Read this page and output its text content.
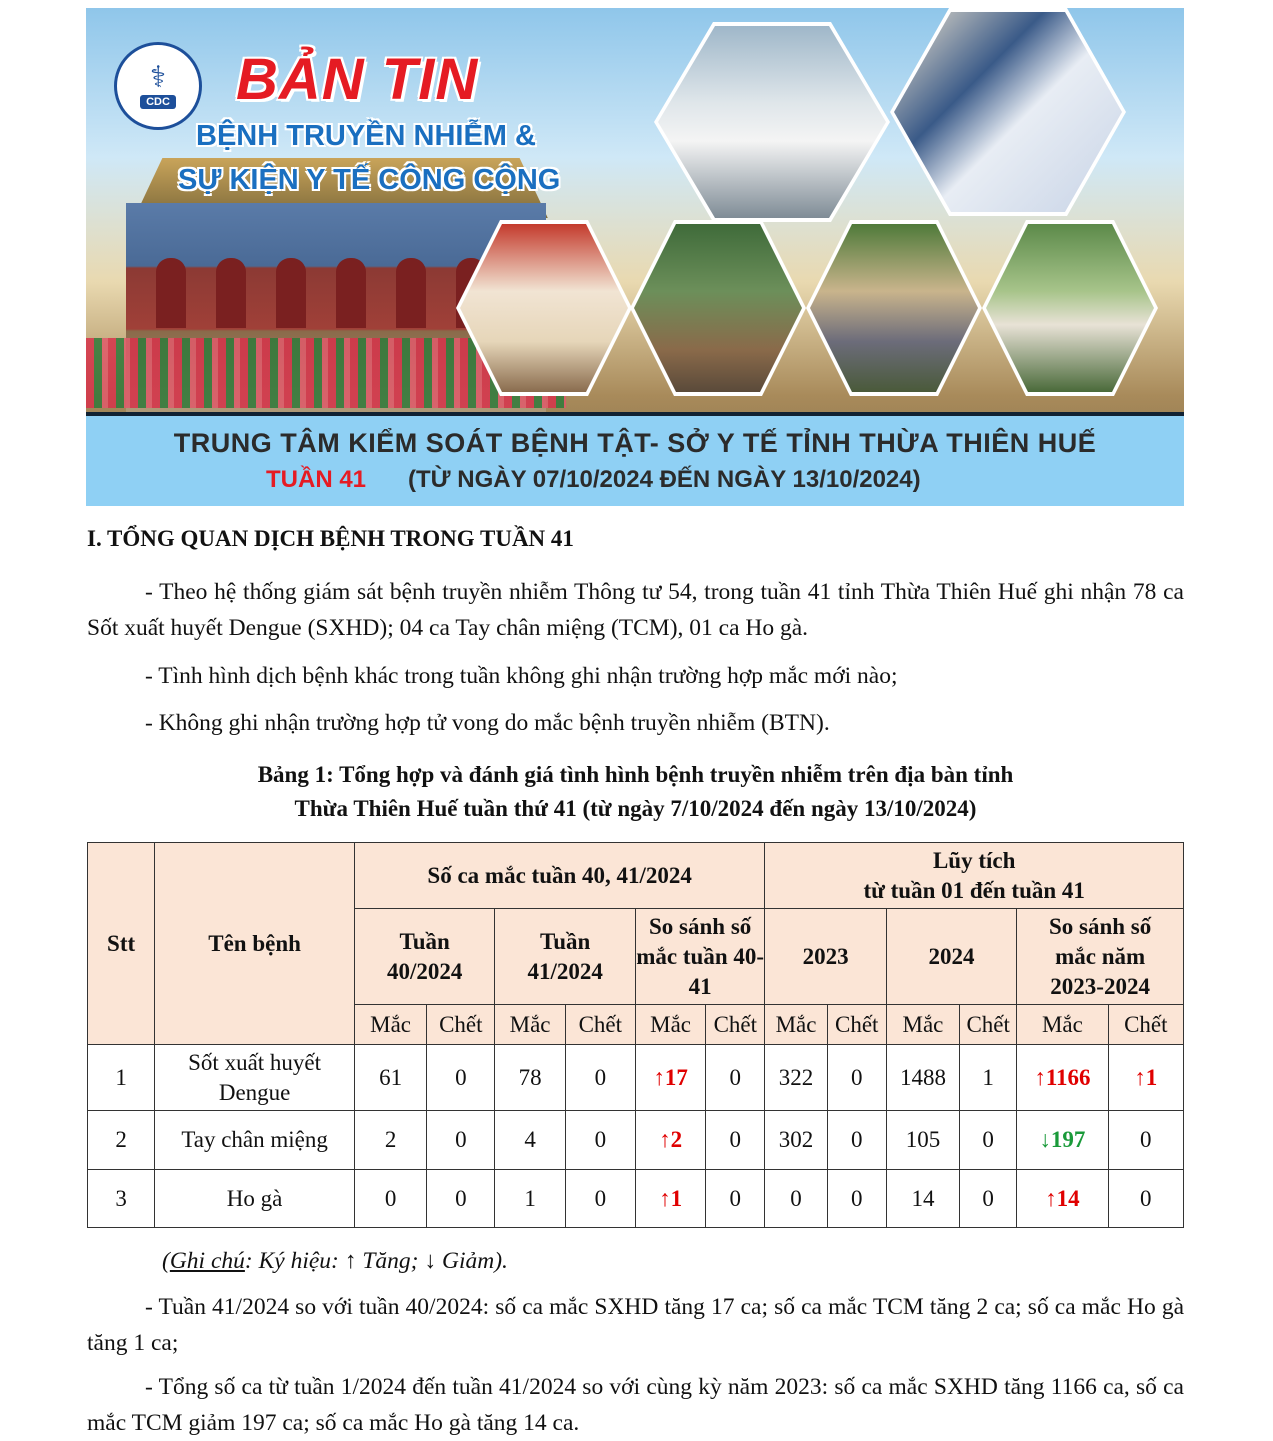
⚕
CDC BẢN TIN
BỆNH TRUYỀN NHIỄM &
SỰ KIỆN Y TẾ CÔNG CỘNG
TRUNG TÂM KIỂM SOÁT BỆNH TẬT- SỞ Y TẾ TỈNH THỪA THIÊN HUẾ
TUẦN 41 (TỪ NGÀY 07/10/2024 ĐẾN NGÀY 13/10/2024)
I. TỔNG QUAN DỊCH BỆNH TRONG TUẦN 41
- Theo hệ thống giám sát bệnh truyền nhiễm Thông tư 54, trong tuần 41 tỉnh Thừa Thiên Huế ghi nhận 78 ca Sốt xuất huyết Dengue (SXHD); 04 ca Tay chân miệng (TCM), 01 ca Ho gà.
- Tình hình dịch bệnh khác trong tuần không ghi nhận trường hợp mắc mới nào;
- Không ghi nhận trường hợp tử vong do mắc bệnh truyền nhiễm (BTN).
Bảng 1: Tổng hợp và đánh giá tình hình bệnh truyền nhiễm trên địa bàn tỉnh
Thừa Thiên Huế tuần thứ 41 (từ ngày 7/10/2024 đến ngày 13/10/2024)
Stt	Tên bệnh	Số ca mắc tuần 40, 41/2024						Lũy tích
từ tuần 01 đến tuần 41					

		Tuần 40/2024		Tuần 41/2024		So sánh số mắc tuần 40-41		2023		2024		So sánh số mắc năm 2023-2024	
		Mắc	Chết	Mắc	Chết	Mắc	Chết	Mắc	Chết	Mắc	Chết	Mắc	Chết
1	Sốt xuất huyết Dengue	61	0	78	0	↑17	0	322	0	1488	1	↑1166	↑1
2	Tay chân miệng	2	0	4	0	↑2	0	302	0	105	0	↓197	0
3	Ho gà	0	0	1	0	↑1	0	0	0	14	0	↑14	0
(Ghi chú: Ký hiệu: ↑ Tăng; ↓ Giảm).
- Tuần 41/2024 so với tuần 40/2024: số ca mắc SXHD tăng 17 ca; số ca mắc TCM tăng 2 ca; số ca mắc Ho gà tăng 1 ca;
- Tổng số ca từ tuần 1/2024 đến tuần 41/2024 so với cùng kỳ năm 2023: số ca mắc SXHD tăng 1166 ca, số ca mắc TCM giảm 197 ca; số ca mắc Ho gà tăng 14 ca.
